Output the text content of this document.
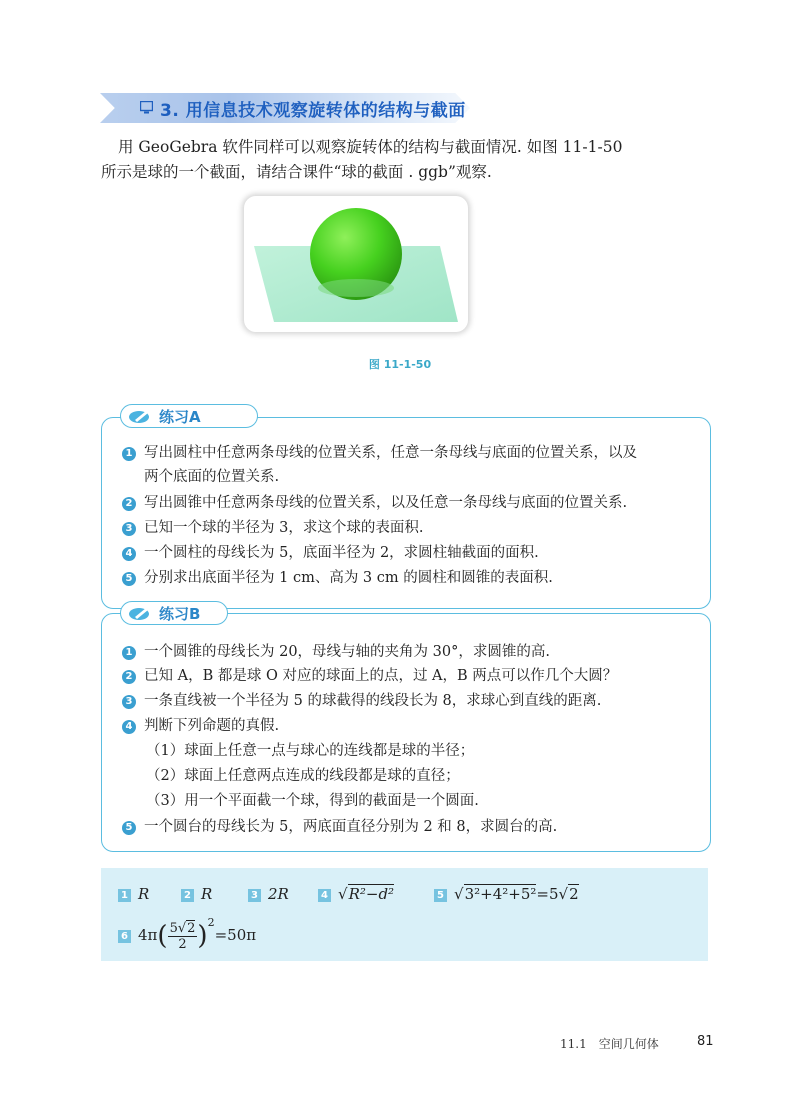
3. 用信息技术观察旋转体的结构与截面
用 GeoGebra 软件同样可以观察旋转体的结构与截面情况. 如图 11-1-50
所示是球的一个截面，请结合课件“球的截面 . ggb”观察.
图 11-1-50
练习A
1 写出圆柱中任意两条母线的位置关系，任意一条母线与底面的位置关系，以及
两个底面的位置关系.
2 写出圆锥中任意两条母线的位置关系，以及任意一条母线与底面的位置关系.
3 已知一个球的半径为 3，求这个球的表面积.
4 一个圆柱的母线长为 5，底面半径为 2，求圆柱轴截面的面积.
5 分别求出底面半径为 1 cm、高为 3 cm 的圆柱和圆锥的表面积.
练习B
1 一个圆锥的母线长为 20，母线与轴的夹角为 30°，求圆锥的高.
2 已知 A，B 都是球 O 对应的球面上的点，过 A，B 两点可以作几个大圆？
3 一条直线被一个半径为 5 的球截得的线段长为 8，求球心到直线的距离.
4 判断下列命题的真假.
（1）球面上任意一点与球心的连线都是球的半径；
（2）球面上任意两点连成的线段都是球的直径；
（3）用一个平面截一个球，得到的截面是一个圆面.
5 一个圆台的母线长为 5，两底面直径分别为 2 和 8，求圆台的高.
1 R	2 R	3 2R	4 √R²−d²	5 √3²+4²+5²=5√2
6 $4\pi( \frac{5√2}{2} )^2=50\pi$
11.1　空间几何体	81
